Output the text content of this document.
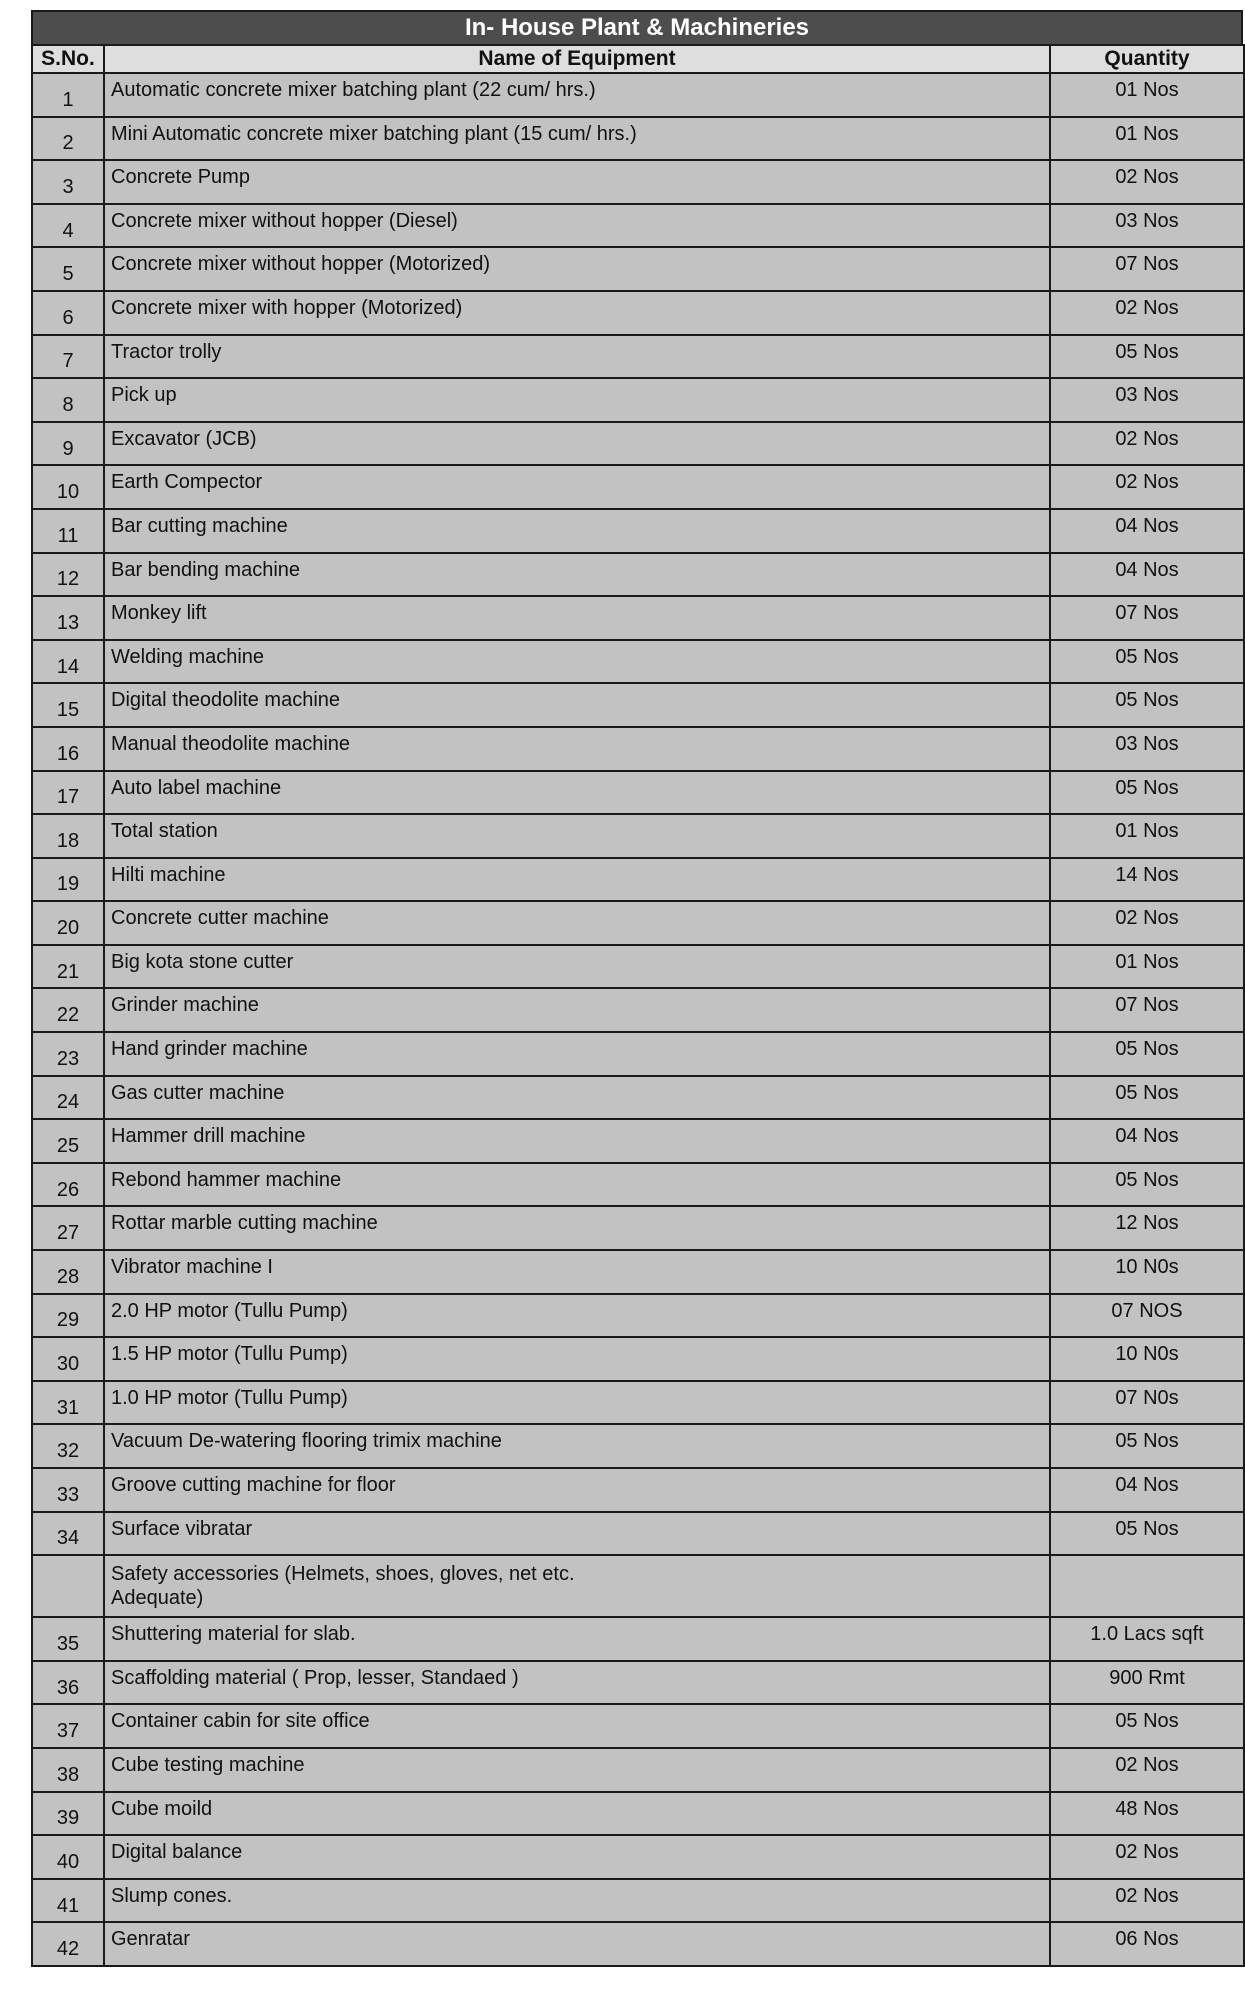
In- House Plant & Machineries
S.No.	Name of Equipment	Quantity
1	Automatic concrete mixer batching plant (22 cum/ hrs.)	01 Nos
2	Mini Automatic concrete mixer batching plant (15 cum/ hrs.)	01 Nos
3	Concrete Pump	02 Nos
4	Concrete mixer without hopper (Diesel)	03 Nos
5	Concrete mixer without hopper (Motorized)	07 Nos
6	Concrete mixer with hopper (Motorized)	02 Nos
7	Tractor trolly	05 Nos
8	Pick up	03 Nos
9	Excavator (JCB)	02 Nos
10	Earth Compector	02 Nos
11	Bar cutting machine	04 Nos
12	Bar bending machine	04 Nos
13	Monkey lift	07 Nos
14	Welding machine	05 Nos
15	Digital theodolite machine	05 Nos
16	Manual theodolite machine	03 Nos
17	Auto label machine	05 Nos
18	Total station	01 Nos
19	Hilti machine	14 Nos
20	Concrete cutter machine	02 Nos
21	Big kota stone cutter	01 Nos
22	Grinder machine	07 Nos
23	Hand grinder machine	05 Nos
24	Gas cutter machine	05 Nos
25	Hammer drill machine	04 Nos
26	Rebond hammer machine	05 Nos
27	Rottar marble cutting machine	12 Nos
28	Vibrator machine I	10 N0s
29	2.0 HP motor (Tullu Pump)	07 NOS
30	1.5 HP motor (Tullu Pump)	10 N0s
31	1.0 HP motor (Tullu Pump)	07 N0s
32	Vacuum De-watering flooring trimix machine	05 Nos
33	Groove cutting machine for floor	04 Nos
34	Surface vibratar	05 Nos

	Safety accessories (Helmets, shoes, gloves, net etc.
Adequate)	

35	Shuttering material for slab.	1.0 Lacs sqft
36	Scaffolding material ( Prop, lesser, Standaed )	900 Rmt
37	Container cabin for site office	05 Nos
38	Cube testing machine	02 Nos
39	Cube moild	48 Nos
40	Digital balance	02 Nos
41	Slump cones.	02 Nos
42	Genratar	06 Nos
